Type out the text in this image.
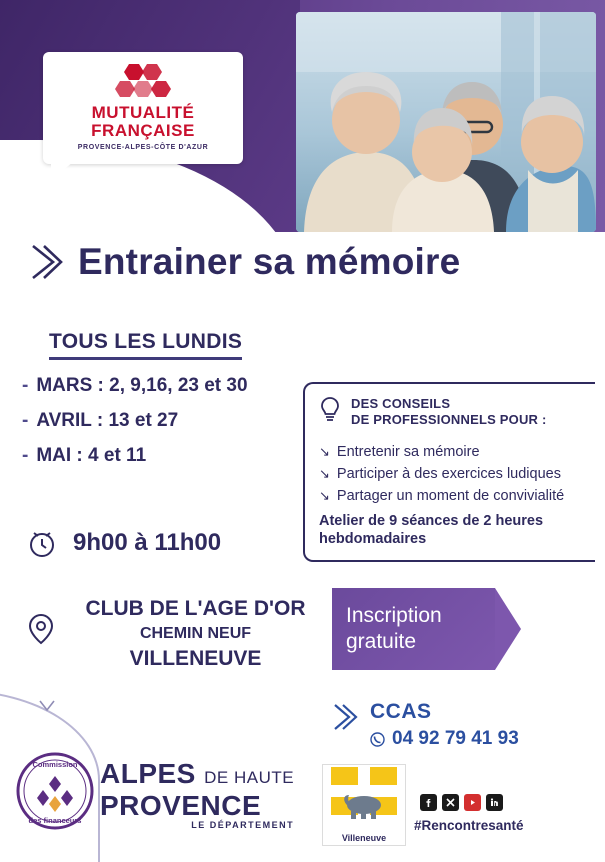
MUTUALITÉ
FRANÇAISE
PROVENCE-ALPES-CÔTE D'AZUR
Entrainer sa mémoire
TOUS LES LUNDIS
- MARS : 2, 9,16, 23 et 30
- AVRIL : 13 et 27
- MAI : 4 et 11
9h00 à 11h00
CLUB DE L'AGE D'OR
CHEMIN NEUF
VILLENEUVE
DES CONSEILS
DE PROFESSIONNELS POUR :
↘ Entretenir sa mémoire
↘ Participer à des exercices ludiques
↘ Partager un moment de convivialité
Atelier de 9 séances de 2 heures
hebdomadaires
Inscription
gratuite
CCAS
04 92 79 41 93
Commission
des financeurs
ALPES DE HAUTE
PROVENCE
LE DÉPARTEMENT
Villeneuve
#Rencontresanté
